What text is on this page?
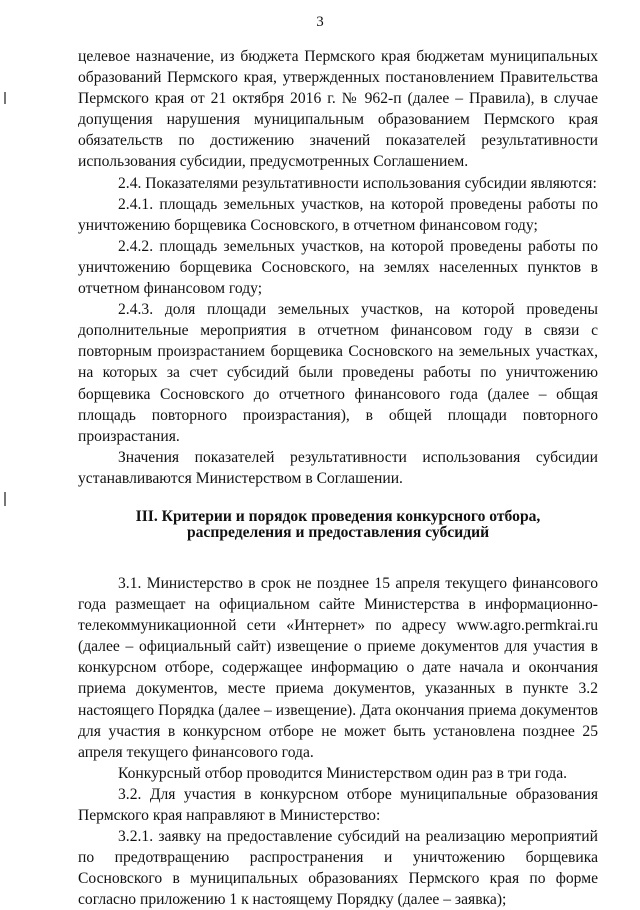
3

целевое назначение, из бюджета Пермского края бюджетам муниципальных образований Пермского края, утвержденных постановлением Правительства Пермского края от 21 октября 2016 г. № 962-п (далее – Правила), в случае допущения нарушения муниципальным образованием Пермского края обязательств по достижению значений показателей результативности использования субсидии, предусмотренных Соглашением.

2.4. Показателями результативности использования субсидии являются:

2.4.1. площадь земельных участков, на которой проведены работы по уничтожению борщевика Сосновского, в отчетном финансовом году;

2.4.2. площадь земельных участков, на которой проведены работы по уничтожению борщевика Сосновского, на землях населенных пунктов в отчетном финансовом году;

2.4.3. доля площади земельных участков, на которой проведены дополнительные мероприятия в отчетном финансовом году в связи с повторным произрастанием борщевика Сосновского на земельных участках, на которых за счет субсидий были проведены работы по уничтожению борщевика Сосновского до отчетного финансового года (далее – общая площадь повторного произрастания), в общей площади повторного произрастания.

Значения показателей результативности использования субсидии устанавливаются Министерством в Соглашении.

III. Критерии и порядок проведения конкурсного отбора,
распределения и предоставления субсидий

3.1. Министерство в срок не позднее 15 апреля текущего финансового года размещает на официальном сайте Министерства в информационно-телекоммуникационной сети «Интернет» по адресу www.agro.permkrai.ru (далее – официальный сайт) извещение о приеме документов для участия в конкурсном отборе, содержащее информацию о дате начала и окончания приема документов, месте приема документов, указанных в пункте 3.2 настоящего Порядка (далее – извещение). Дата окончания приема документов для участия в конкурсном отборе не может быть установлена позднее 25 апреля текущего финансового года.

Конкурсный отбор проводится Министерством один раз в три года.

3.2. Для участия в конкурсном отборе муниципальные образования Пермского края направляют в Министерство:

3.2.1. заявку на предоставление субсидий на реализацию мероприятий по предотвращению распространения и уничтожению борщевика Сосновского в муниципальных образованиях Пермского края по форме согласно приложению 1 к настоящему Порядку (далее – заявка);
